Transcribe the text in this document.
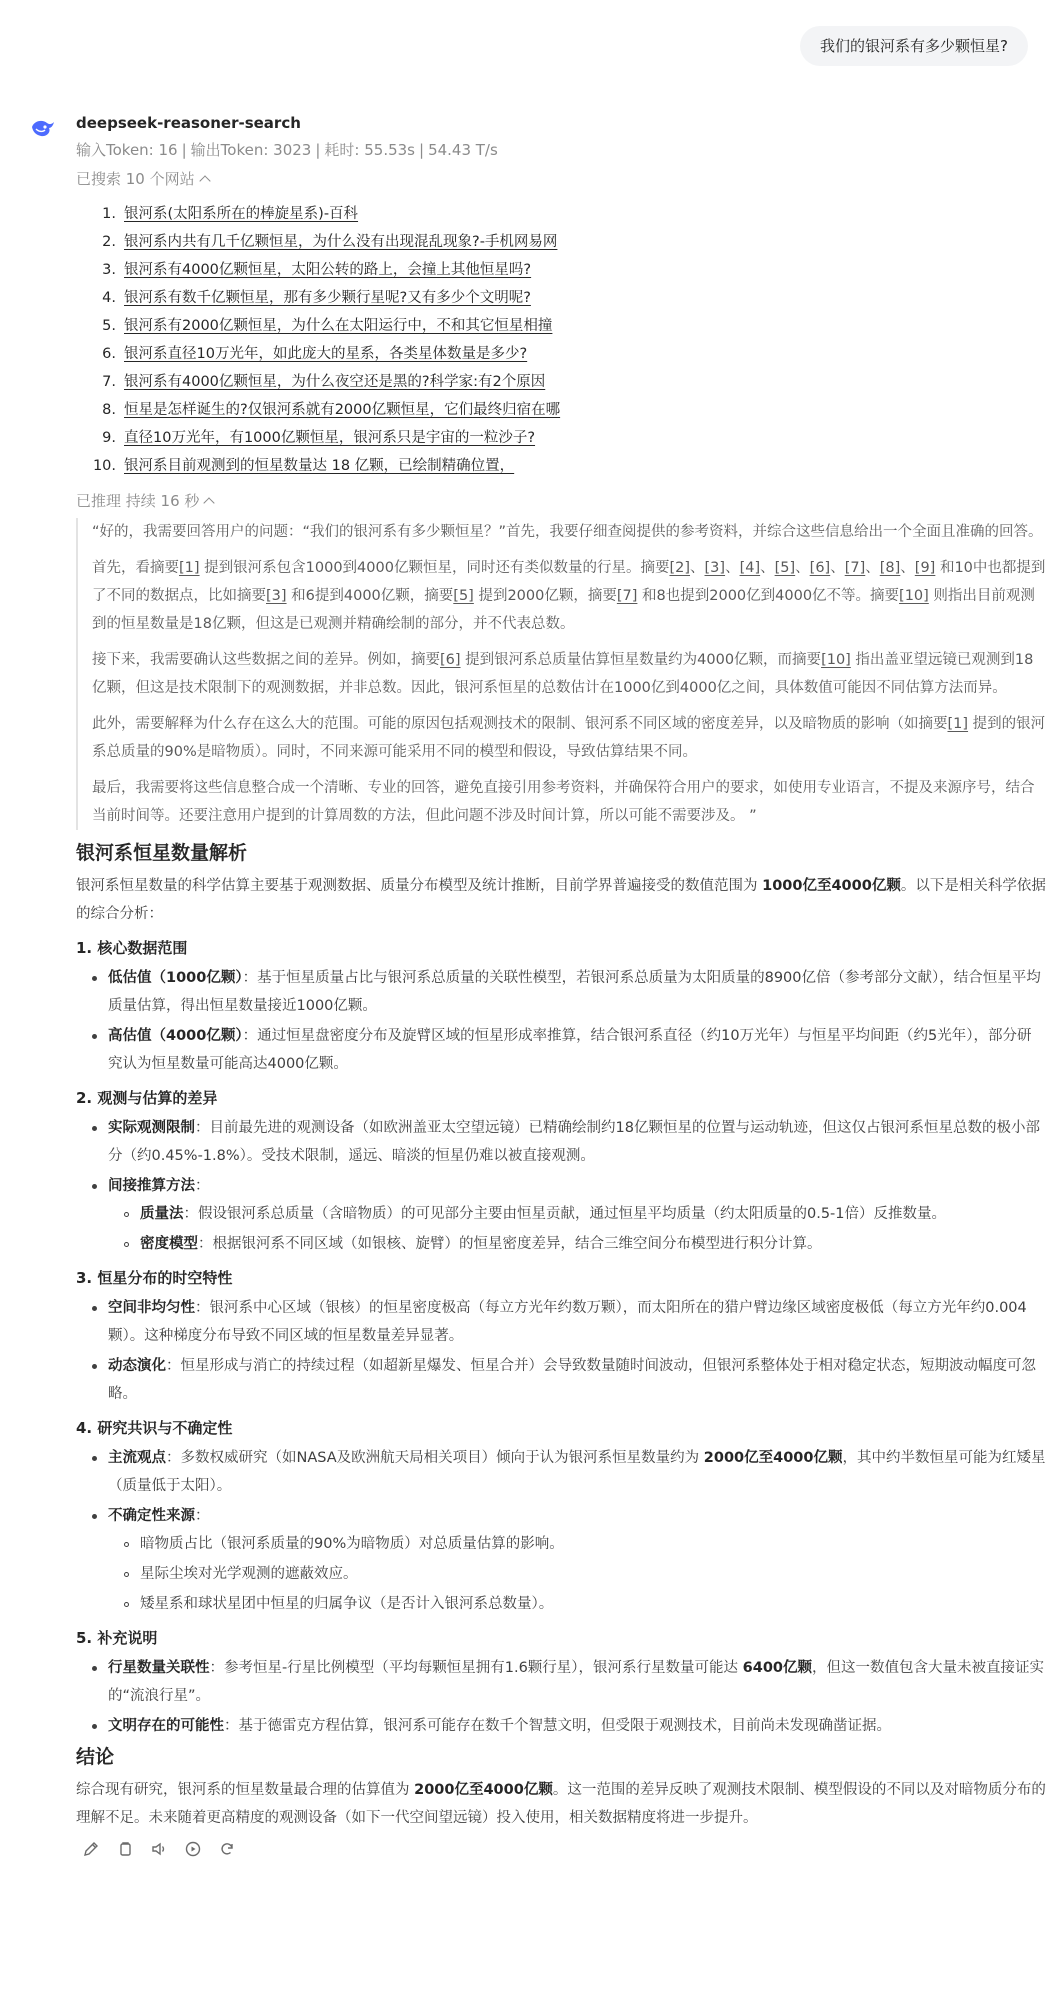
我们的银河系有多少颗恒星?
deepseek-reasoner-search
输入Token: 16 | 输出Token: 3023 | 耗时: 55.53s | 54.43 T/s
已搜索 10 个网站
1. 银河系(太阳系所在的棒旋星系)-百科
2. 银河系内共有几千亿颗恒星，为什么没有出现混乱现象?-手机网易网
3. 银河系有4000亿颗恒星，太阳公转的路上，会撞上其他恒星吗?
4. 银河系有数千亿颗恒星，那有多少颗行星呢?又有多少个文明呢?
5. 银河系有2000亿颗恒星，为什么在太阳运行中，不和其它恒星相撞
6. 银河系直径10万光年，如此庞大的星系，各类星体数量是多少?
7. 银河系有4000亿颗恒星，为什么夜空还是黑的?科学家:有2个原因
8. 恒星是怎样诞生的?仅银河系就有2000亿颗恒星，它们最终归宿在哪
9. 直径10万光年，有1000亿颗恒星，银河系只是宇宙的一粒沙子?
10. 银河系目前观测到的恒星数量达 18 亿颗，已绘制精确位置，
已推理 持续 16 秒

“好的，我需要回答用户的问题：“我们的银河系有多少颗恒星？”首先，我要仔细查阅提供的参考资料，并综合这些信息给出一个全面且准确的回答。

首先，看摘要[1] 提到银河系包含1000到4000亿颗恒星，同时还有类似数量的行星。摘要[2]、[3]、[4]、[5]、[6]、[7]、[8]、[9] 和10中也都提到了不同的数据点，比如摘要[3] 和6提到4000亿颗，摘要[5] 提到2000亿颗，摘要[7] 和8也提到2000亿到4000亿不等。摘要[10] 则指出目前观测到的恒星数量是18亿颗，但这是已观测并精确绘制的部分，并不代表总数。

接下来，我需要确认这些数据之间的差异。例如，摘要[6] 提到银河系总质量估算恒星数量约为4000亿颗，而摘要[10] 指出盖亚望远镜已观测到18亿颗，但这是技术限制下的观测数据，并非总数。因此，银河系恒星的总数估计在1000亿到4000亿之间，具体数值可能因不同估算方法而异。

此外，需要解释为什么存在这么大的范围。可能的原因包括观测技术的限制、银河系不同区域的密度差异，以及暗物质的影响（如摘要[1] 提到的银河系总质量的90%是暗物质）。同时，不同来源可能采用不同的模型和假设，导致估算结果不同。

最后，我需要将这些信息整合成一个清晰、专业的回答，避免直接引用参考资料，并确保符合用户的要求，如使用专业语言，不提及来源序号，结合当前时间等。还要注意用户提到的计算周数的方法，但此问题不涉及时间计算，所以可能不需要涉及。 ”

银河系恒星数量解析

银河系恒星数量的科学估算主要基于观测数据、质量分布模型及统计推断，目前学界普遍接受的数值范围为 1000亿至4000亿颗。以下是相关科学依据的综合分析：

1. 核心数据范围
低估值（1000亿颗）：基于恒星质量占比与银河系总质量的关联性模型，若银河系总质量为太阳质量的8900亿倍（参考部分文献），结合恒星平均质量估算，得出恒星数量接近1000亿颗。
高估值（4000亿颗）：通过恒星盘密度分布及旋臂区域的恒星形成率推算，结合银河系直径（约10万光年）与恒星平均间距（约5光年），部分研究认为恒星数量可能高达4000亿颗。
2. 观测与估算的差异
实际观测限制：目前最先进的观测设备（如欧洲盖亚太空望远镜）已精确绘制约18亿颗恒星的位置与运动轨迹，但这仅占银河系恒星总数的极小部分（约0.45%-1.8%）。受技术限制，遥远、暗淡的恒星仍难以被直接观测。
间接推算方法：
质量法：假设银河系总质量（含暗物质）的可见部分主要由恒星贡献，通过恒星平均质量（约太阳质量的0.5-1倍）反推数量。
密度模型：根据银河系不同区域（如银核、旋臂）的恒星密度差异，结合三维空间分布模型进行积分计算。
3. 恒星分布的时空特性
空间非均匀性：银河系中心区域（银核）的恒星密度极高（每立方光年约数万颗），而太阳所在的猎户臂边缘区域密度极低（每立方光年约0.004颗）。这种梯度分布导致不同区域的恒星数量差异显著。
动态演化：恒星形成与消亡的持续过程（如超新星爆发、恒星合并）会导致数量随时间波动，但银河系整体处于相对稳定状态，短期波动幅度可忽略。
4. 研究共识与不确定性
主流观点：多数权威研究（如NASA及欧洲航天局相关项目）倾向于认为银河系恒星数量约为 2000亿至4000亿颗，其中约半数恒星可能为红矮星（质量低于太阳）。
不确定性来源：
暗物质占比（银河系质量的90%为暗物质）对总质量估算的影响。
星际尘埃对光学观测的遮蔽效应。
矮星系和球状星团中恒星的归属争议（是否计入银河系总数量）。
5. 补充说明
行星数量关联性：参考恒星-行星比例模型（平均每颗恒星拥有1.6颗行星），银河系行星数量可能达 6400亿颗，但这一数值包含大量未被直接证实的“流浪行星”。
文明存在的可能性：基于德雷克方程估算，银河系可能存在数千个智慧文明，但受限于观测技术，目前尚未发现确凿证据。
结论

综合现有研究，银河系的恒星数量最合理的估算值为 2000亿至4000亿颗。这一范围的差异反映了观测技术限制、模型假设的不同以及对暗物质分布的理解不足。未来随着更高精度的观测设备（如下一代空间望远镜）投入使用，相关数据精度将进一步提升。
